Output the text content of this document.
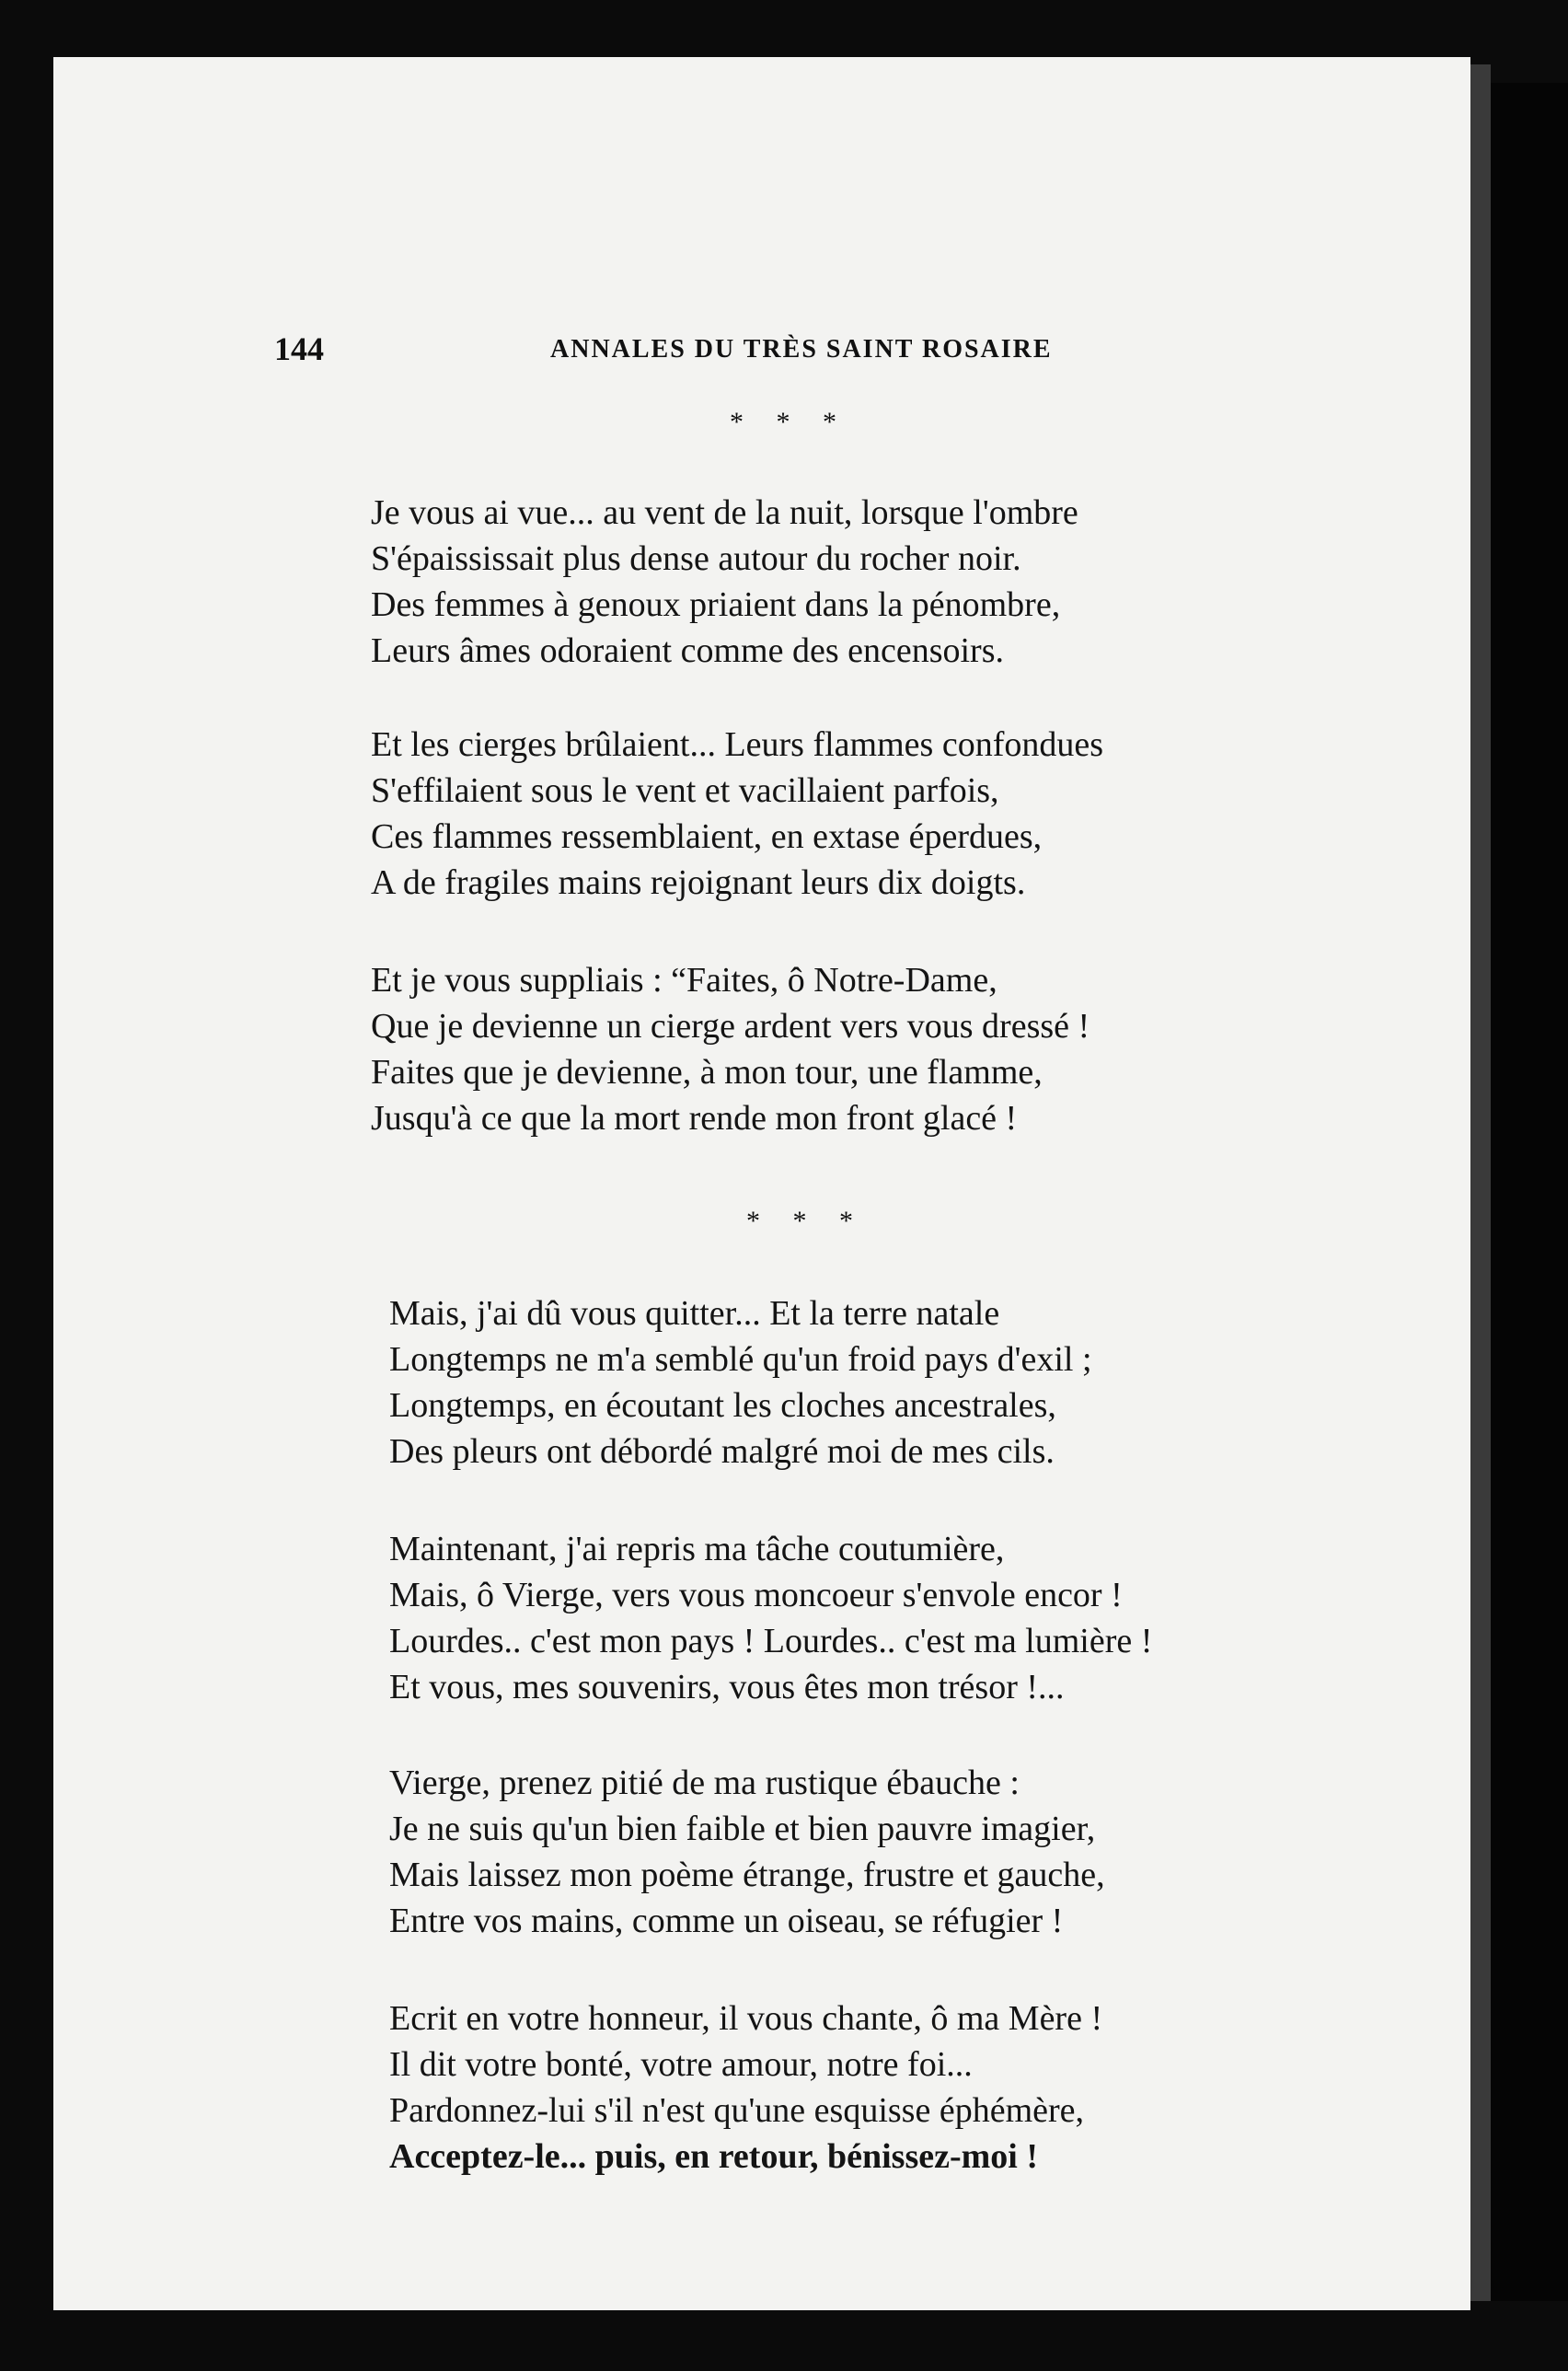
144	ANNALES DU TRÈS SAINT ROSAIRE
* * *
Je vous ai vue... au vent de la nuit, lorsque l'ombre
S'épaississait plus dense autour du rocher noir.
Des femmes à genoux priaient dans la pénombre,
Leurs âmes odoraient comme des encensoirs.
Et les cierges brûlaient... Leurs flammes confondues
S'effilaient sous le vent et vacillaient parfois,
Ces flammes ressemblaient, en extase éperdues,
A de fragiles mains rejoignant leurs dix doigts.
Et je vous suppliais : “Faites, ô Notre-Dame,
Que je devienne un cierge ardent vers vous dressé !
Faites que je devienne, à mon tour, une flamme,
Jusqu'à ce que la mort rende mon front glacé !
* * *
Mais, j'ai dû vous quitter... Et la terre natale
Longtemps ne m'a semblé qu'un froid pays d'exil ;
Longtemps, en écoutant les cloches ancestrales,
Des pleurs ont débordé malgré moi de mes cils.
Maintenant, j'ai repris ma tâche coutumière,
Mais, ô Vierge, vers vous moncoeur s'envole encor !
Lourdes.. c'est mon pays ! Lourdes.. c'est ma lumière !
Et vous, mes souvenirs, vous êtes mon trésor !...
Vierge, prenez pitié de ma rustique ébauche :
Je ne suis qu'un bien faible et bien pauvre imagier,
Mais laissez mon poème étrange, frustre et gauche,
Entre vos mains, comme un oiseau, se réfugier !
Ecrit en votre honneur, il vous chante, ô ma Mère !
Il dit votre bonté, votre amour, notre foi...
Pardonnez-lui s'il n'est qu'une esquisse éphémère,
Acceptez-le... puis, en retour, bénissez-moi !
